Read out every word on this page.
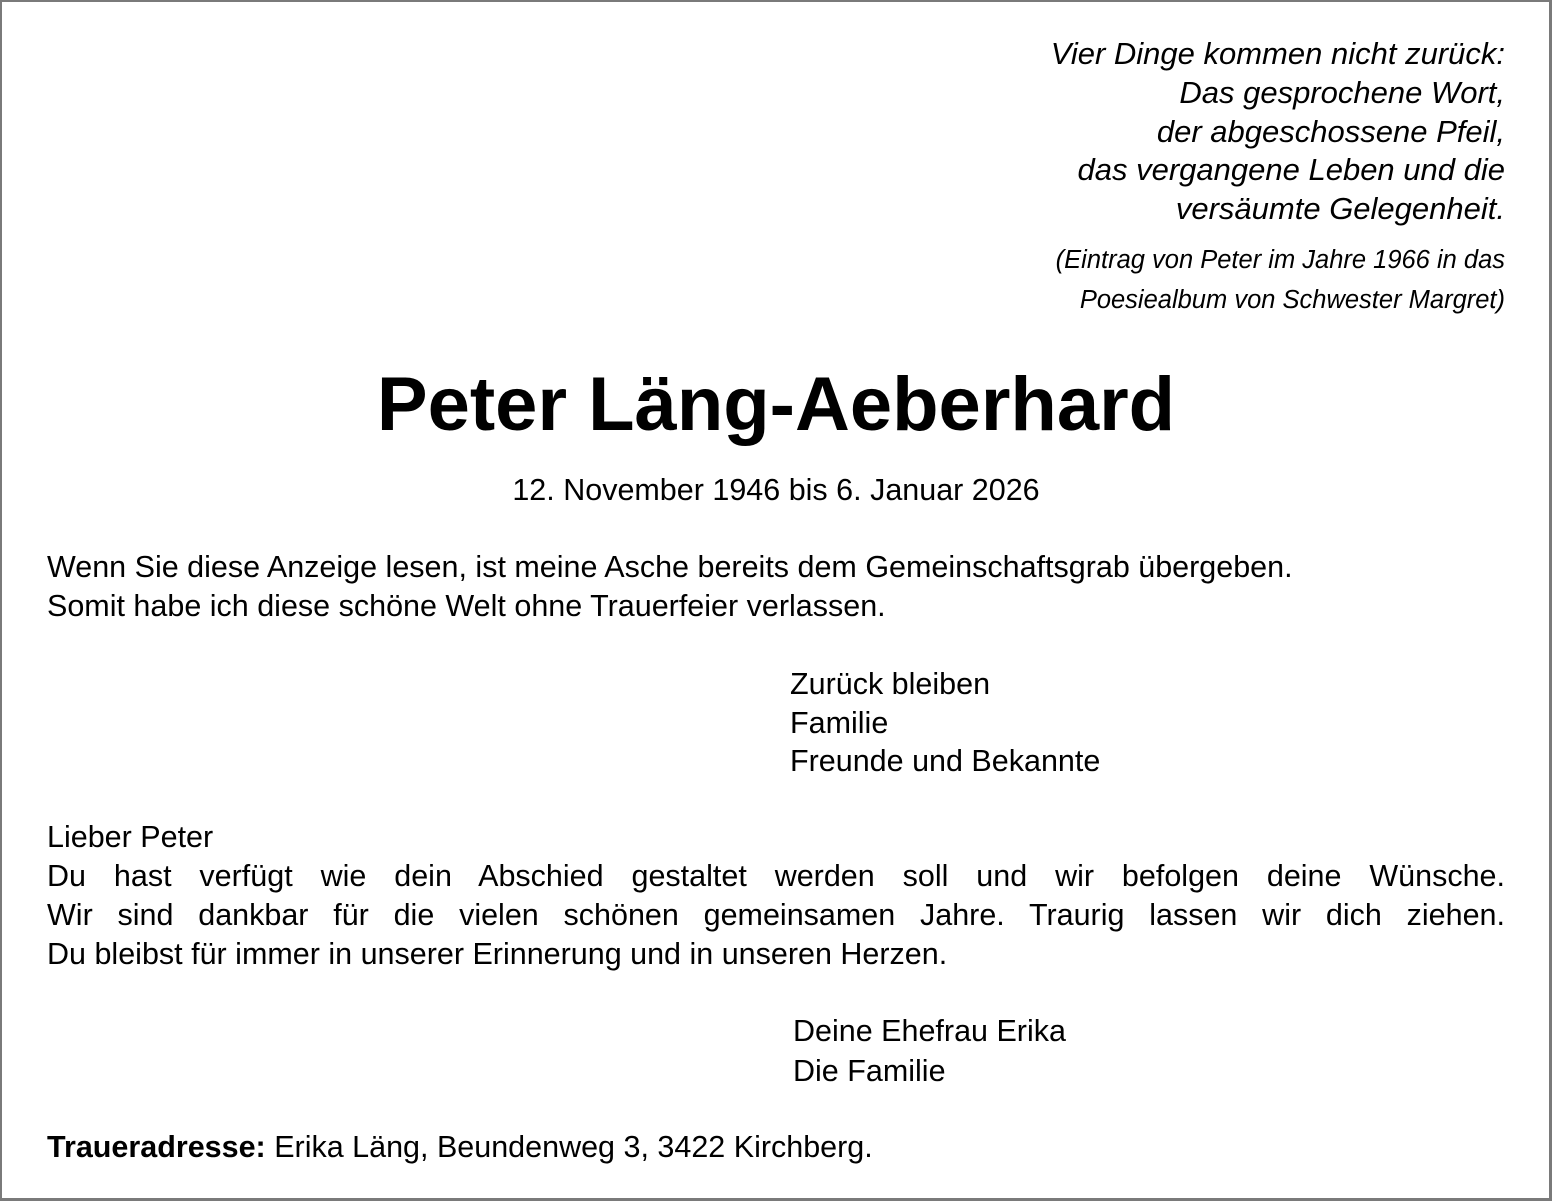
Vier Dinge kommen nicht zurück:
Das gesprochene Wort,
der abgeschossene Pfeil,
das vergangene Leben und die
versäumte Gelegenheit.
(Eintrag von Peter im Jahre 1966 in das
Poesiealbum von Schwester Margret)
Peter Läng-Aeberhard
12. November 1946 bis 6. Januar 2026
Wenn Sie diese Anzeige lesen, ist meine Asche bereits dem Gemeinschaftsgrab übergeben.
Somit habe ich diese schöne Welt ohne Trauerfeier verlassen.
Zurück bleiben
Familie
Freunde und Bekannte
Lieber Peter
Du hast verfügt wie dein Abschied gestaltet werden soll und wir befolgen deine Wünsche.
Wir sind dankbar für die vielen schönen gemeinsamen Jahre. Traurig lassen wir dich ziehen.
Du bleibst für immer in unserer Erinnerung und in unseren Herzen.
Deine Ehefrau Erika
Die Familie
Traueradresse: Erika Läng, Beundenweg 3, 3422 Kirchberg.
